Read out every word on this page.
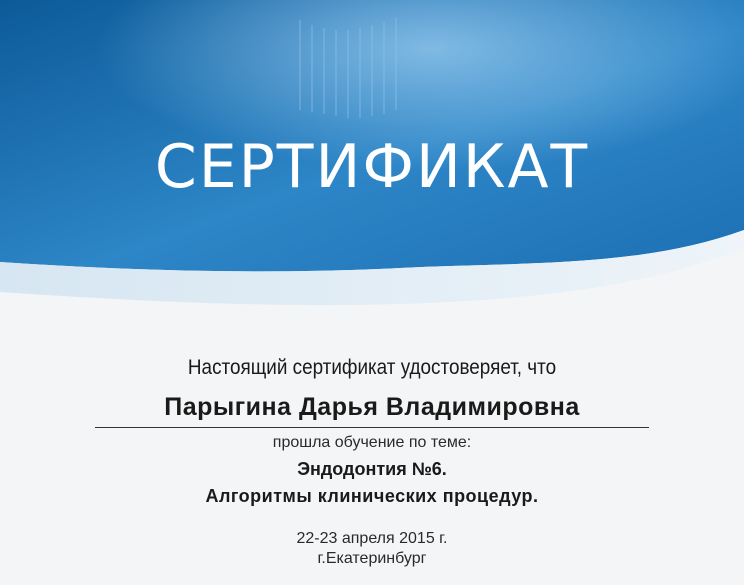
СЕРТИФИКАТ
Настоящий сертификат удостоверяет, что
Парыгина Дарья Владимировна
прошла обучение по теме:
Эндодонтия №6.
Алгоритмы клинических процедур.
22-23 апреля 2015 г.
г.Екатеринбург
